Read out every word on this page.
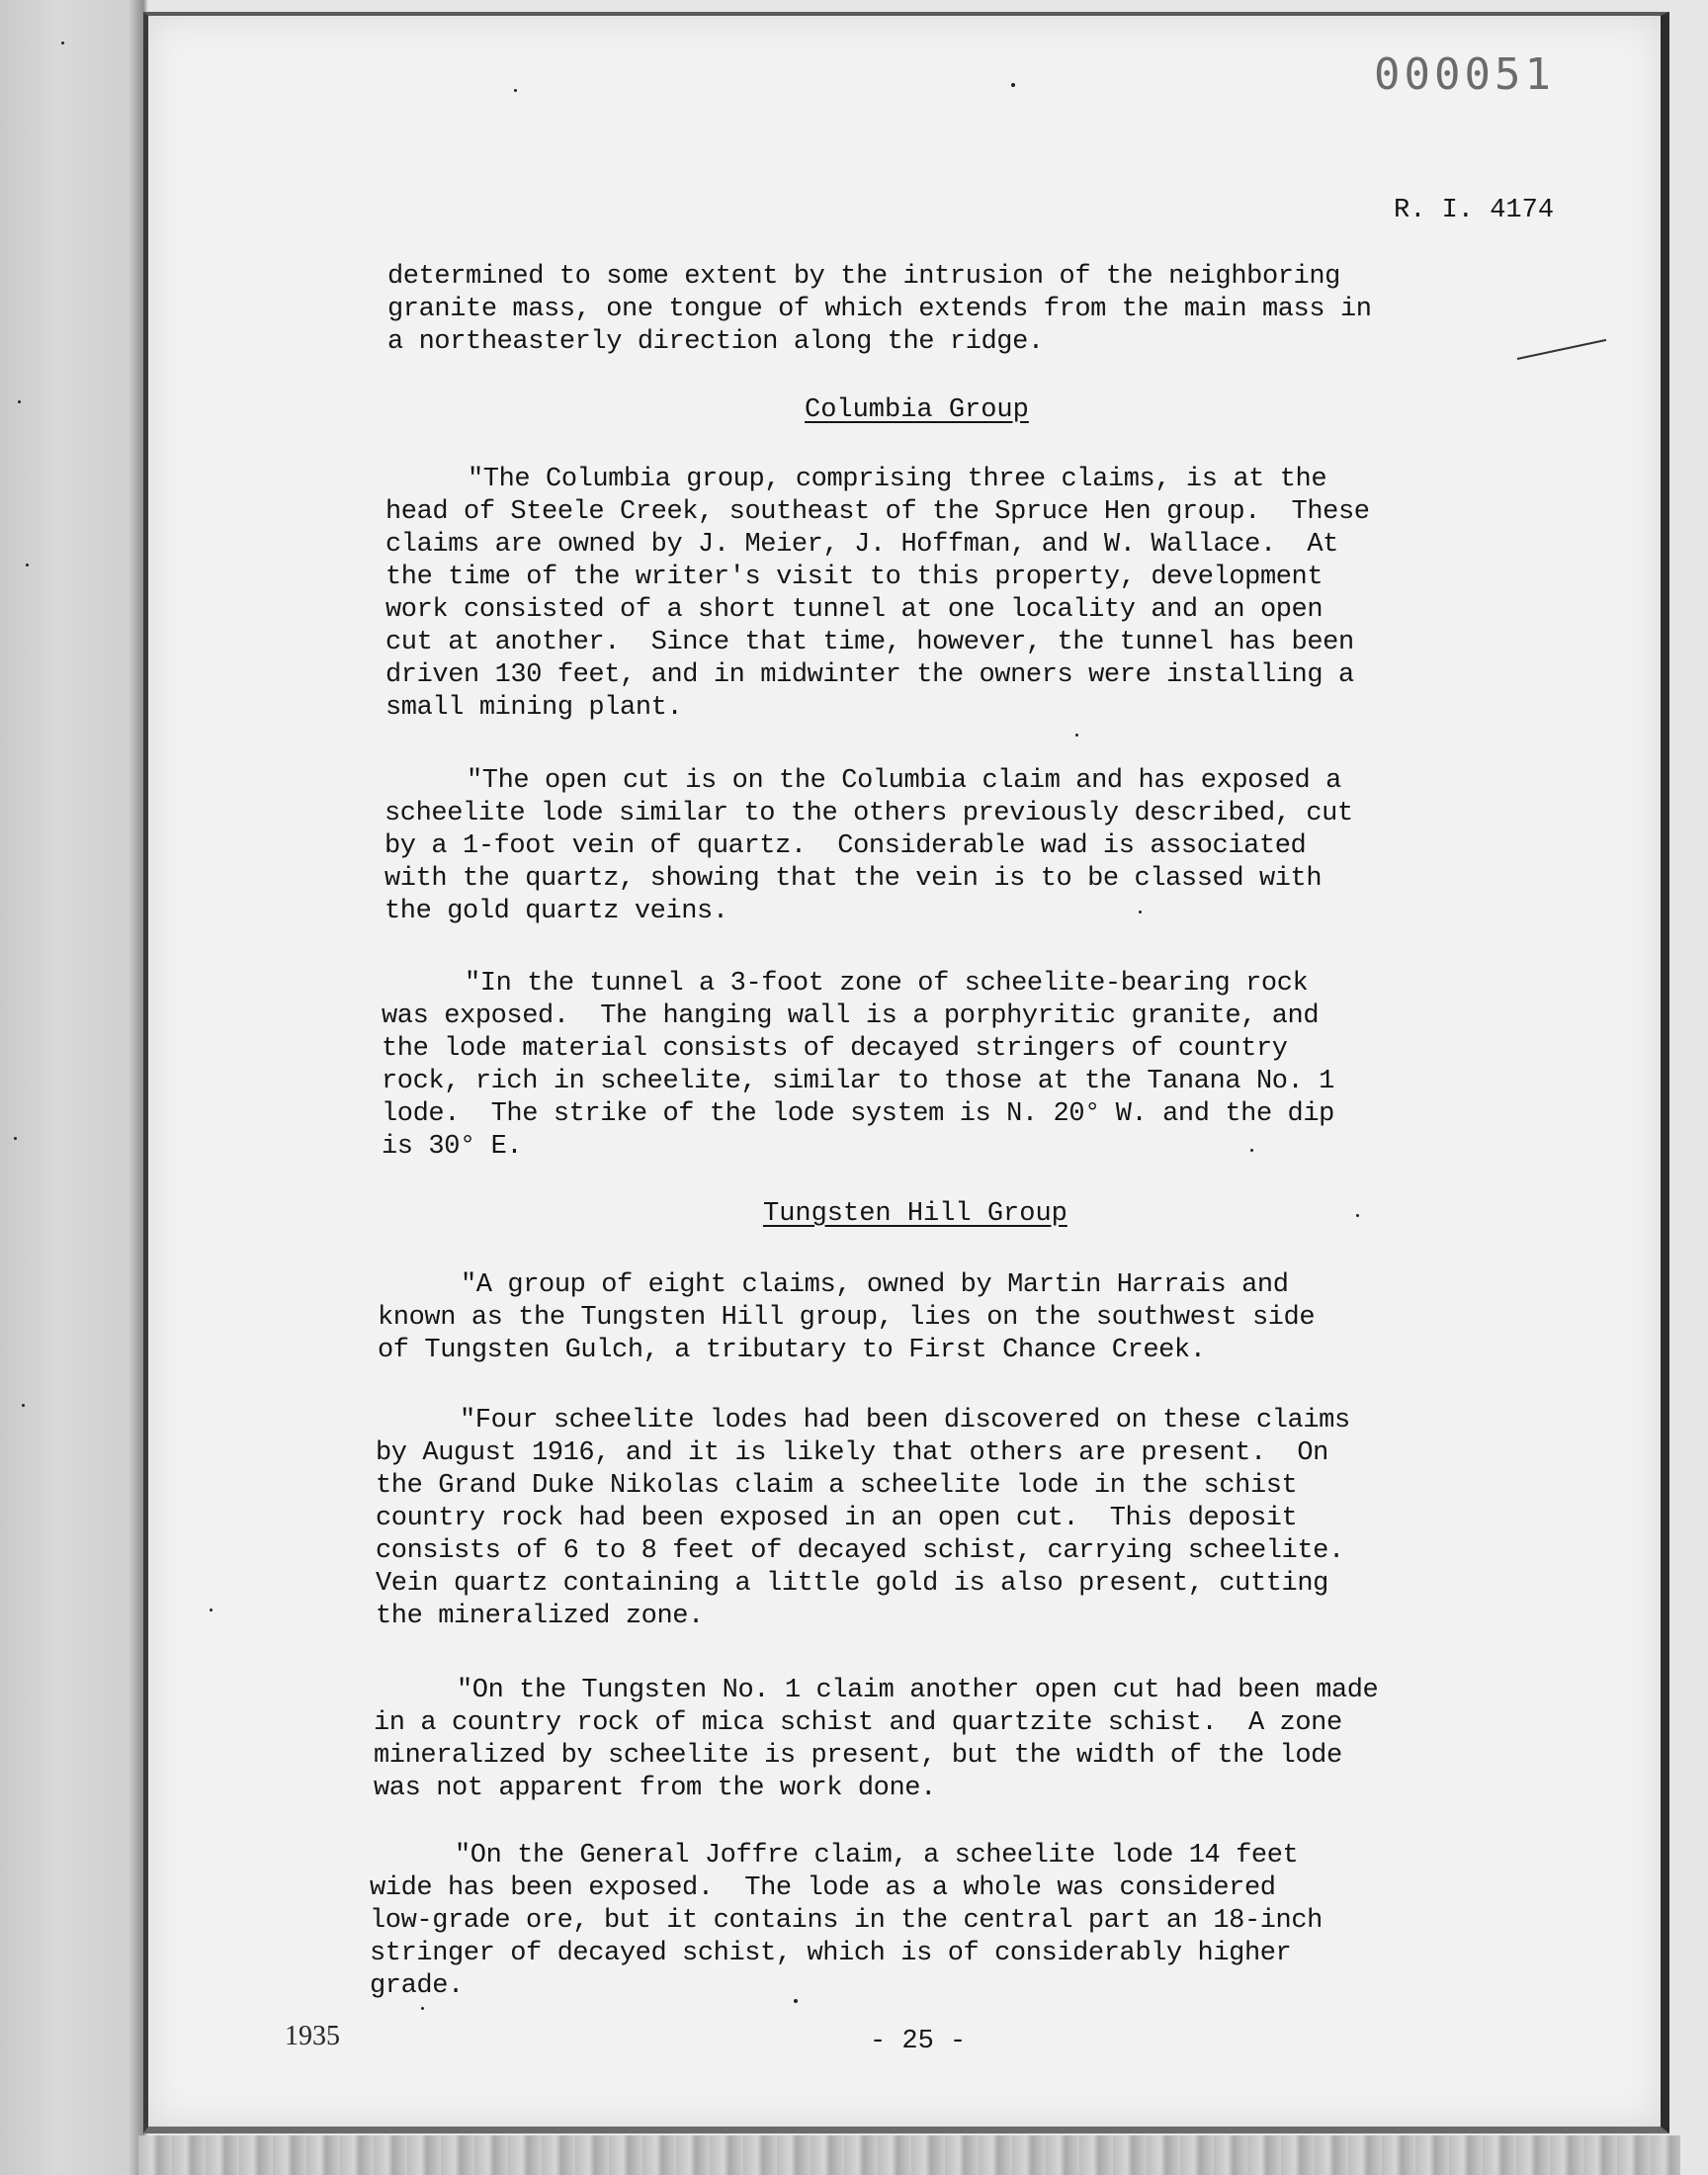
000051
R. I. 4174
determined to some extent by the intrusion of the neighboring
granite mass, one tongue of which extends from the main mass in
a northeasterly direction along the ridge.
Columbia Group
"The Columbia group, comprising three claims, is at the
head of Steele Creek, southeast of the Spruce Hen group.  These
claims are owned by J. Meier, J. Hoffman, and W. Wallace.  At
the time of the writer's visit to this property, development
work consisted of a short tunnel at one locality and an open
cut at another.  Since that time, however, the tunnel has been
driven 130 feet, and in midwinter the owners were installing a
small mining plant.
"The open cut is on the Columbia claim and has exposed a
scheelite lode similar to the others previously described, cut
by a 1-foot vein of quartz.  Considerable wad is associated
with the quartz, showing that the vein is to be classed with
the gold quartz veins.
"In the tunnel a 3-foot zone of scheelite-bearing rock
was exposed.  The hanging wall is a porphyritic granite, and
the lode material consists of decayed stringers of country
rock, rich in scheelite, similar to those at the Tanana No. 1
lode.  The strike of the lode system is N. 20° W. and the dip
is 30° E.
Tungsten Hill Group
"A group of eight claims, owned by Martin Harrais and
known as the Tungsten Hill group, lies on the southwest side
of Tungsten Gulch, a tributary to First Chance Creek.
"Four scheelite lodes had been discovered on these claims
by August 1916, and it is likely that others are present.  On
the Grand Duke Nikolas claim a scheelite lode in the schist
country rock had been exposed in an open cut.  This deposit
consists of 6 to 8 feet of decayed schist, carrying scheelite.
Vein quartz containing a little gold is also present, cutting
the mineralized zone.
"On the Tungsten No. 1 claim another open cut had been made
in a country rock of mica schist and quartzite schist.  A zone
mineralized by scheelite is present, but the width of the lode
was not apparent from the work done.
"On the General Joffre claim, a scheelite lode 14 feet
wide has been exposed.  The lode as a whole was considered
low-grade ore, but it contains in the central part an 18-inch
stringer of decayed schist, which is of considerably higher
grade.
1935	- 25 -
